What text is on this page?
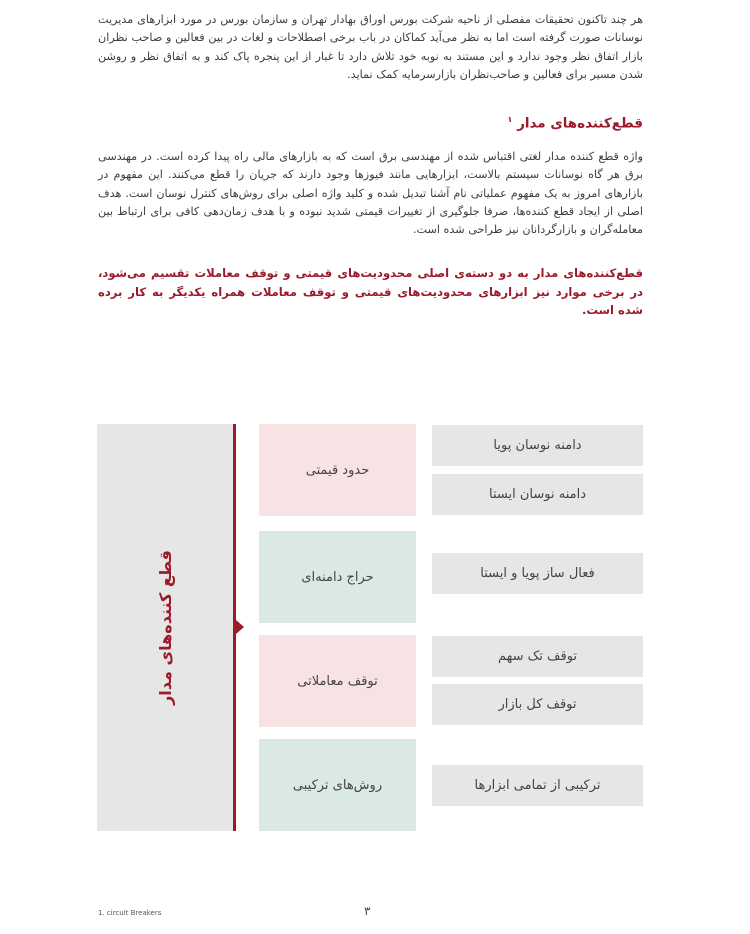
هر چند تاکنون تحقیقات مفصلی از ناحیه شرکت بورس اوراق بهادار تهران و سازمان بورس در مورد ابزارهای مدیریت نوسانات صورت گرفته است اما به نظر می‌آید کماکان در باب برخی اصطلاحات و لغات در بین فعالین و صاحب نظران بازار اتفاق نظر وجود ندارد و این مستند به نوبه خود تلاش دارد تا غبار از این پنجره پاک کند و به اتفاق نظر و روشن شدن مسیر برای فعالین و صاحب‌نظران بازارسرمایه کمک نماید.

قطع‌کننده‌های مدار $^۱$

واژه قطع کننده مدار لغتی اقتباس شده از مهندسی برق است که به بازارهای مالی راه پیدا کرده است. در مهندسی برق هر گاه نوسانات سیستم بالاست، ابزارهایی مانند فیوزها وجود دارند که جریان را قطع می‌کنند. این مفهوم در بازارهای امروز به یک مفهوم عملیاتی نام آشنا تبدیل شده و کلید واژه اصلی برای روش‌های کنترل نوسان است. هدف اصلی از ایجاد قطع کننده‌ها، صرفا جلوگیری از تغییرات قیمتی شدید نبوده و با هدف زمان‌دهی کافی برای ارتباط بین معامله‌گران و بازارگردانان نیز طراحی شده است.

قطع‌کننده‌های مدار به دو دسته‌ی اصلی محدودیت‌های قیمتی و توقف معاملات تقسیم می‌شود، در برخی موارد نیز ابزارهای محدودیت‌های قیمتی و توقف معاملات همراه یکدیگر به کار برده شده است.

قطع کننده‌های مدار
حدود قیمتی
دامنه نوسان پویا
دامنه نوسان ایستا
حراج دامنه‌ای	فعال ساز پویا و ایستا
توقف معاملاتی
توقف تک سهم
توقف کل بازار
روش‌های ترکیبی	ترکیبی از تمامی ابزارها

1. circuit Breakers	۳
